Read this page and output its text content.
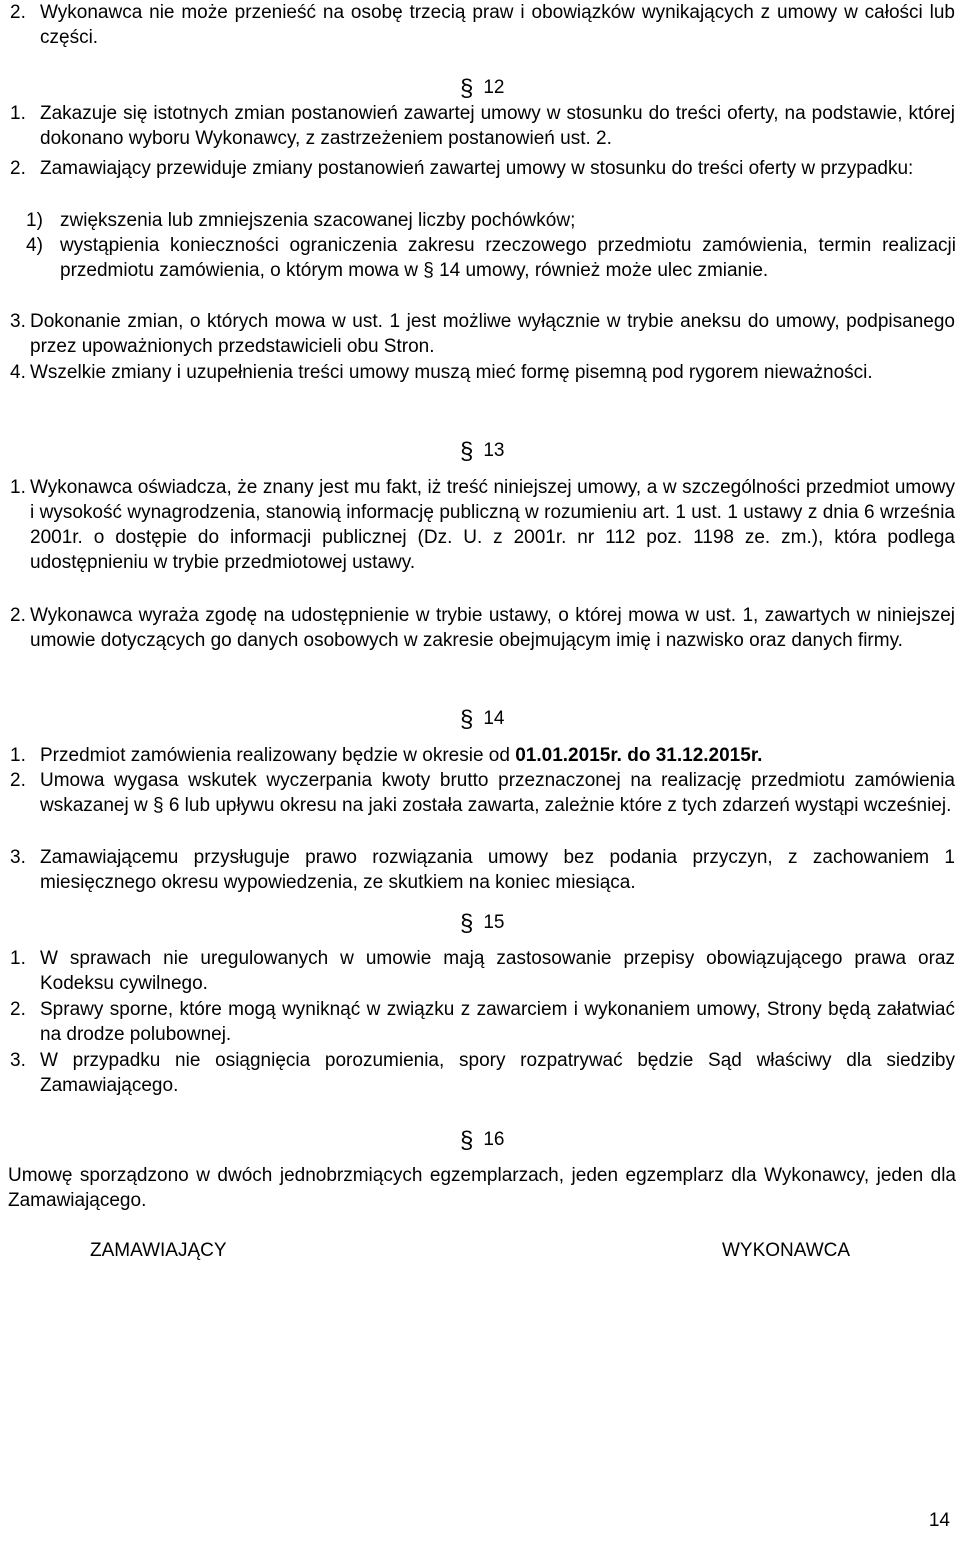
2. Wykonawca nie może przenieść na osobę trzecią praw i obowiązków wynikających z umowy w całości lub części.
§ 12
1. Zakazuje się istotnych zmian postanowień zawartej umowy w stosunku do treści oferty, na podstawie, której dokonano wyboru Wykonawcy, z zastrzeżeniem postanowień ust. 2.
2. Zamawiający przewiduje zmiany postanowień zawartej umowy w stosunku do treści oferty w przypadku:
1) zwiększenia lub zmniejszenia szacowanej liczby pochówków;
4) wystąpienia konieczności ograniczenia zakresu rzeczowego przedmiotu zamówienia, termin realizacji przedmiotu zamówienia, o którym mowa w § 14 umowy, również może ulec zmianie.
3. Dokonanie zmian, o których mowa w ust. 1 jest możliwe wyłącznie w trybie aneksu do umowy, podpisanego przez upoważnionych przedstawicieli obu Stron.
4. Wszelkie zmiany i uzupełnienia treści umowy muszą mieć formę pisemną pod rygorem nieważności.
§ 13
1. Wykonawca oświadcza, że znany jest mu fakt, iż treść niniejszej umowy, a w szczególności przedmiot umowy i wysokość wynagrodzenia, stanowią informację publiczną w rozumieniu art. 1 ust. 1 ustawy z dnia 6 września 2001r. o dostępie do informacji publicznej (Dz. U. z 2001r. nr 112 poz. 1198 ze. zm.), która podlega udostępnieniu w trybie przedmiotowej ustawy.
2. Wykonawca wyraża zgodę na udostępnienie w trybie ustawy, o której mowa w ust. 1, zawartych w niniejszej umowie dotyczących go danych osobowych w zakresie obejmującym imię i nazwisko oraz danych firmy.
§ 14
1. Przedmiot zamówienia realizowany będzie w okresie od 01.01.2015r. do 31.12.2015r.
2. Umowa wygasa wskutek wyczerpania kwoty brutto przeznaczonej na realizację przedmiotu zamówienia wskazanej w § 6 lub upływu okresu na jaki została zawarta, zależnie które z tych zdarzeń wystąpi wcześniej.
3. Zamawiającemu przysługuje prawo rozwiązania umowy bez podania przyczyn, z zachowaniem 1 miesięcznego okresu wypowiedzenia, ze skutkiem na koniec miesiąca.
§ 15
1. W sprawach nie uregulowanych w umowie mają zastosowanie przepisy obowiązującego prawa oraz Kodeksu cywilnego.
2. Sprawy sporne, które mogą wyniknąć w związku z zawarciem i wykonaniem umowy, Strony będą załatwiać na drodze polubownej.
3. W przypadku nie osiągnięcia porozumienia, spory rozpatrywać będzie Sąd właściwy dla siedziby Zamawiającego.
§ 16
Umowę sporządzono w dwóch jednobrzmiących egzemplarzach, jeden egzemplarz dla Wykonawcy, jeden dla Zamawiającego.
ZAMAWIAJĄCY	WYKONAWCA
14
